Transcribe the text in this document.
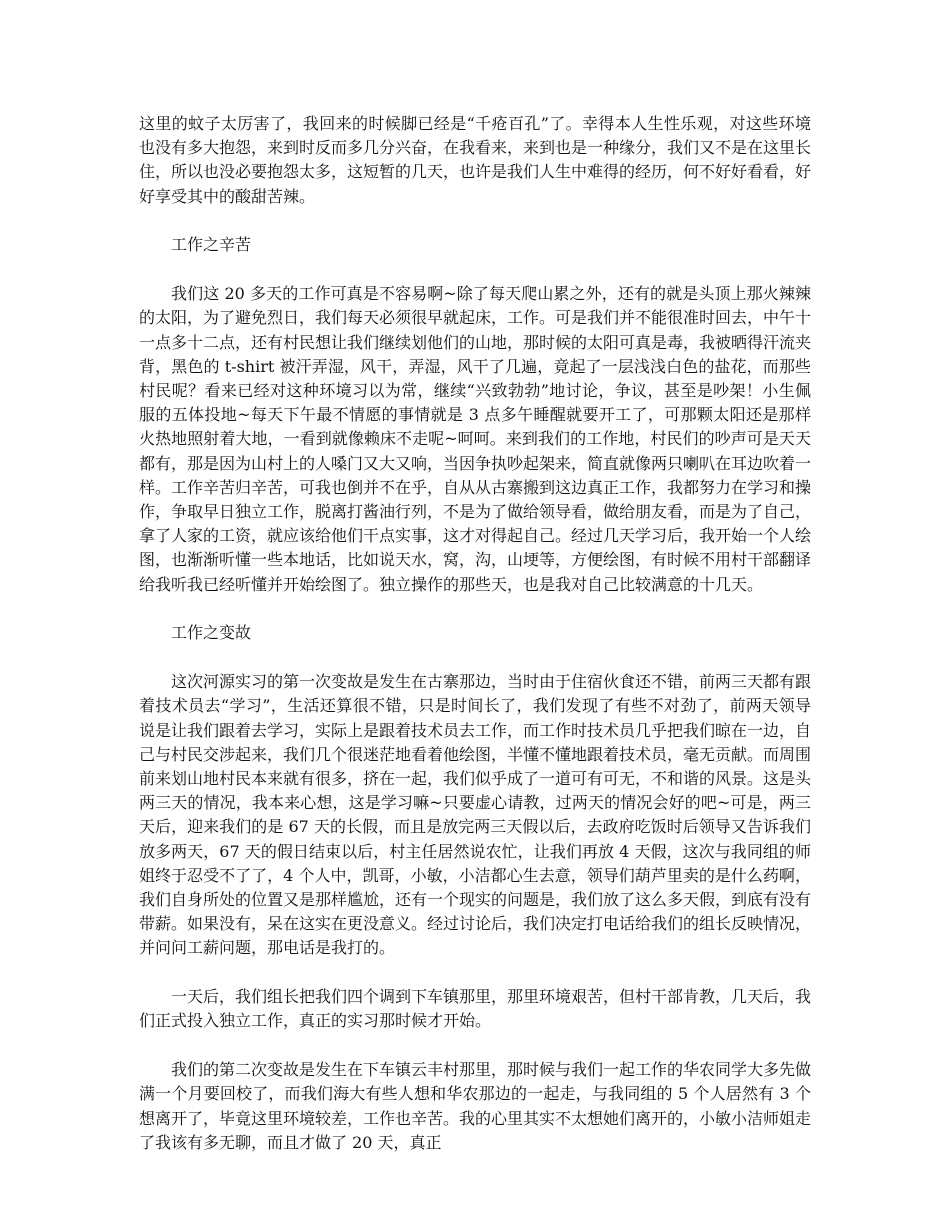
这里的蚊子太厉害了，我回来的时候脚已经是“千疮百孔”了。幸得本人生性乐观，对这些环境也没有多大抱怨，来到时反而多几分兴奋，在我看来，来到也是一种缘分，我们又不是在这里长住，所以也没必要抱怨太多，这短暂的几天，也许是我们人生中难得的经历，何不好好看看，好好享受其中的酸甜苦辣。

工作之辛苦

我们这 20 多天的工作可真是不容易啊~除了每天爬山累之外，还有的就是头顶上那火辣辣的太阳，为了避免烈日，我们每天必须很早就起床，工作。可是我们并不能很准时回去，中午十一点多十二点，还有村民想让我们继续划他们的山地，那时候的太阳可真是毒，我被晒得汗流夹背，黑色的 t-shirt 被汗弄湿，风干，弄湿，风干了几遍，竟起了一层浅浅白色的盐花，而那些村民呢？看来已经对这种环境习以为常，继续“兴致勃勃”地讨论，争议，甚至是吵架！小生佩服的五体投地~每天下午最不情愿的事情就是 3 点多午睡醒就要开工了，可那颗太阳还是那样火热地照射着大地，一看到就像赖床不走呢~呵呵。来到我们的工作地，村民们的吵声可是天天都有，那是因为山村上的人嗓门又大又响，当因争执吵起架来，简直就像两只喇叭在耳边吹着一样。工作辛苦归辛苦，可我也倒并不在乎，自从从古寨搬到这边真正工作，我都努力在学习和操作，争取早日独立工作，脱离打酱油行列，不是为了做给领导看，做给朋友看，而是为了自己，拿了人家的工资，就应该给他们干点实事，这才对得起自己。经过几天学习后，我开始一个人绘图，也渐渐听懂一些本地话，比如说天水，窝，沟，山埂等，方便绘图，有时候不用村干部翻译给我听我已经听懂并开始绘图了。独立操作的那些天，也是我对自己比较满意的十几天。

工作之变故

这次河源实习的第一次变故是发生在古寨那边，当时由于住宿伙食还不错，前两三天都有跟着技术员去“学习”，生活还算很不错，只是时间长了，我们发现了有些不对劲了，前两天领导说是让我们跟着去学习，实际上是跟着技术员去工作，而工作时技术员几乎把我们晾在一边，自己与村民交涉起来，我们几个很迷茫地看着他绘图，半懂不懂地跟着技术员，毫无贡献。而周围前来划山地村民本来就有很多，挤在一起，我们似乎成了一道可有可无，不和谐的风景。这是头两三天的情况，我本来心想，这是学习嘛~只要虚心请教，过两天的情况会好的吧~可是，两三天后，迎来我们的是 67 天的长假，而且是放完两三天假以后，去政府吃饭时后领导又告诉我们放多两天，67 天的假日结束以后，村主任居然说农忙，让我们再放 4 天假，这次与我同组的师姐终于忍受不了了，4 个人中，凯哥，小敏，小洁都心生去意，领导们葫芦里卖的是什么药啊，我们自身所处的位置又是那样尴尬，还有一个现实的问题是，我们放了这么多天假，到底有没有带薪。如果没有，呆在这实在更没意义。经过讨论后，我们决定打电话给我们的组长反映情况，并问问工薪问题，那电话是我打的。

一天后，我们组长把我们四个调到下车镇那里，那里环境艰苦，但村干部肯教，几天后，我们正式投入独立工作，真正的实习那时候才开始。

我们的第二次变故是发生在下车镇云丰村那里，那时候与我们一起工作的华农同学大多先做满一个月要回校了，而我们海大有些人想和华农那边的一起走，与我同组的 5 个人居然有 3 个想离开了，毕竟这里环境较差，工作也辛苦。我的心里其实不太想她们离开的，小敏小洁师姐走了我该有多无聊，而且才做了 20 天，真正
